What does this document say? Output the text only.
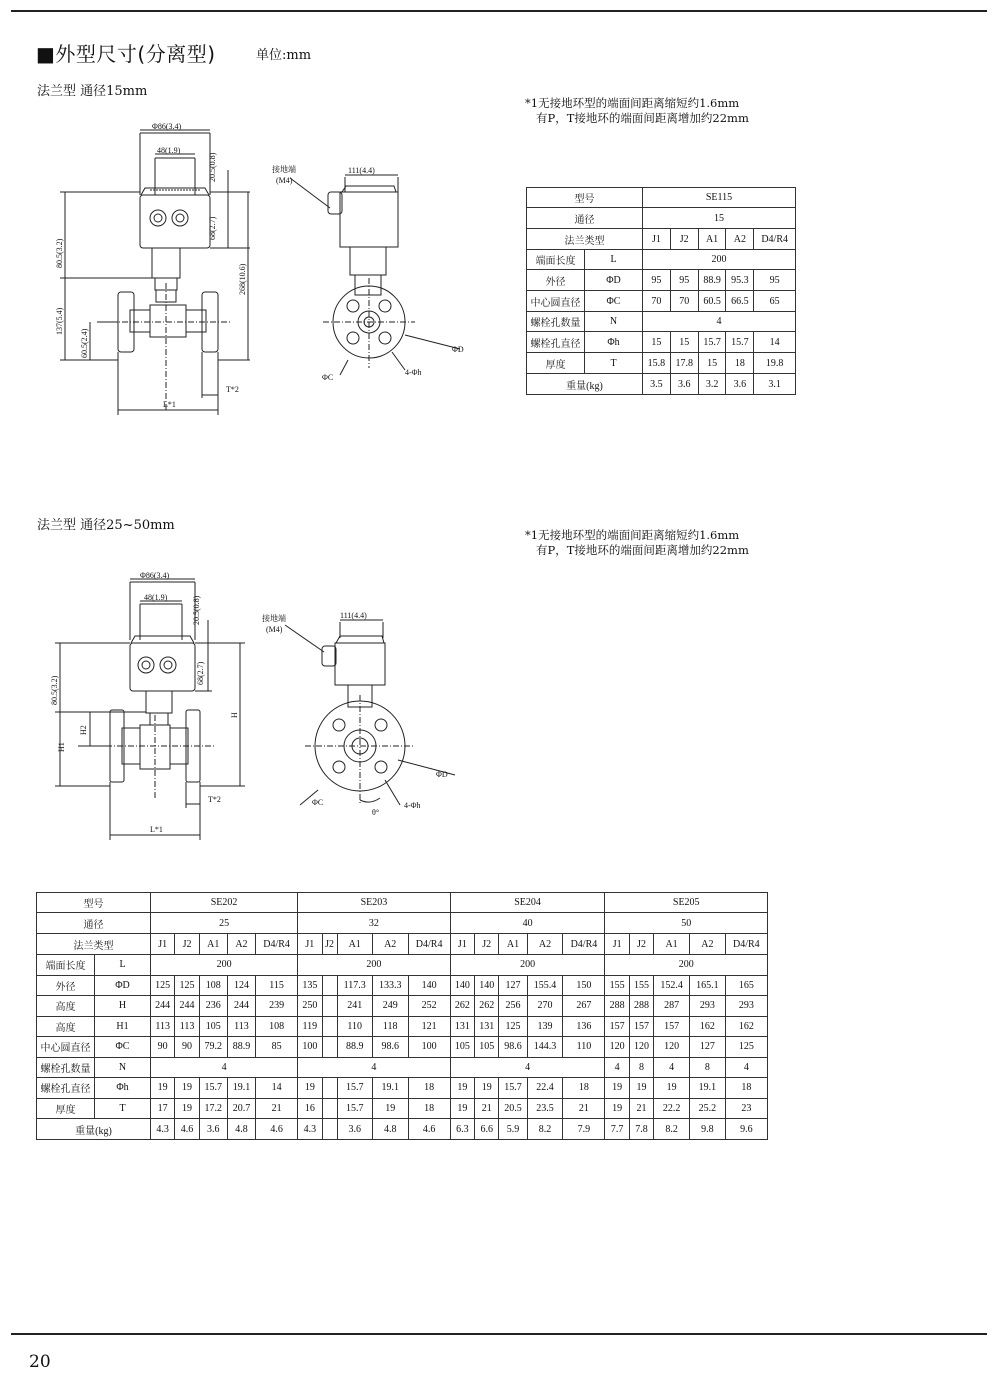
■外型尺寸(分离型)	单位:mm
法兰型 通径15mm
*1无接地环型的端面间距离缩短约1.6mm
有P，T接地环的端面间距离增加约22mm
法兰型 通径25~50mm
*1无接地环型的端面间距离缩短约1.6mm
有P，T接地环的端面间距离增加约22mm
Φ86(3.4)
48(1.9)
20.5(0.8)
68(2.7)
80.5(3.2)
137(5.4)
60.5(2.4)
268(10.6)
T*2
L*1
接地端
(M4)
111(4.4)
ΦD
ΦC
4-Φh
Φ86(3.4)
48(1.9)	20.5(0.8)
68(2.7)
80.5(3.2)
H
H1
H2
T*2
L*1
接地端
(M4)
111(4.4)
ΦD
ΦC	4-Φh
θ°
型号		SE115				
通径		15				
法兰类型		J1	J2	A1	A2	D4/R4
端面长度	L	200				
外径	ΦD	95	95	88.9	95.3	95
中心圆直径	ΦC	70	70	60.5	66.5	65
螺栓孔数量	N	4				
螺栓孔直径	Φh	15	15	15.7	15.7	14
厚度	T	15.8	17.8	15	18	19.8
重量(kg)		3.5	3.6	3.2	3.6	3.1
型号		SE202					SE203					SE204					SE205				
通径		25					32					40					50				
法兰类型		J1	J2	A1	A2	D4/R4	J1	J2	A1	A2	D4/R4	J1	J2	A1	A2	D4/R4	J1	J2	A1	A2	D4/R4
端面长度	L	200					200					200					200				
外径	ΦD	125	125	108	124	115	135		117.3	133.3	140	140	140	127	155.4	150	155	155	152.4	165.1	165
高度	H	244	244	236	244	239	250		241	249	252	262	262	256	270	267	288	288	287	293	293
高度	H1	113	113	105	113	108	119		110	118	121	131	131	125	139	136	157	157	157	162	162
中心圆直径	ΦC	90	90	79.2	88.9	85	100		88.9	98.6	100	105	105	98.6	144.3	110	120	120	120	127	125
螺栓孔数量	N	4					4					4					4	8	4	8	4
螺栓孔直径	Φh	19	19	15.7	19.1	14	19		15.7	19.1	18	19	19	15.7	22.4	18	19	19	19	19.1	18
厚度	T	17	19	17.2	20.7	21	16		15.7	19	18	19	21	20.5	23.5	21	19	21	22.2	25.2	23
重量(kg)		4.3	4.6	3.6	4.8	4.6	4.3		3.6	4.8	4.6	6.3	6.6	5.9	8.2	7.9	7.7	7.8	8.2	9.8	9.6
20
